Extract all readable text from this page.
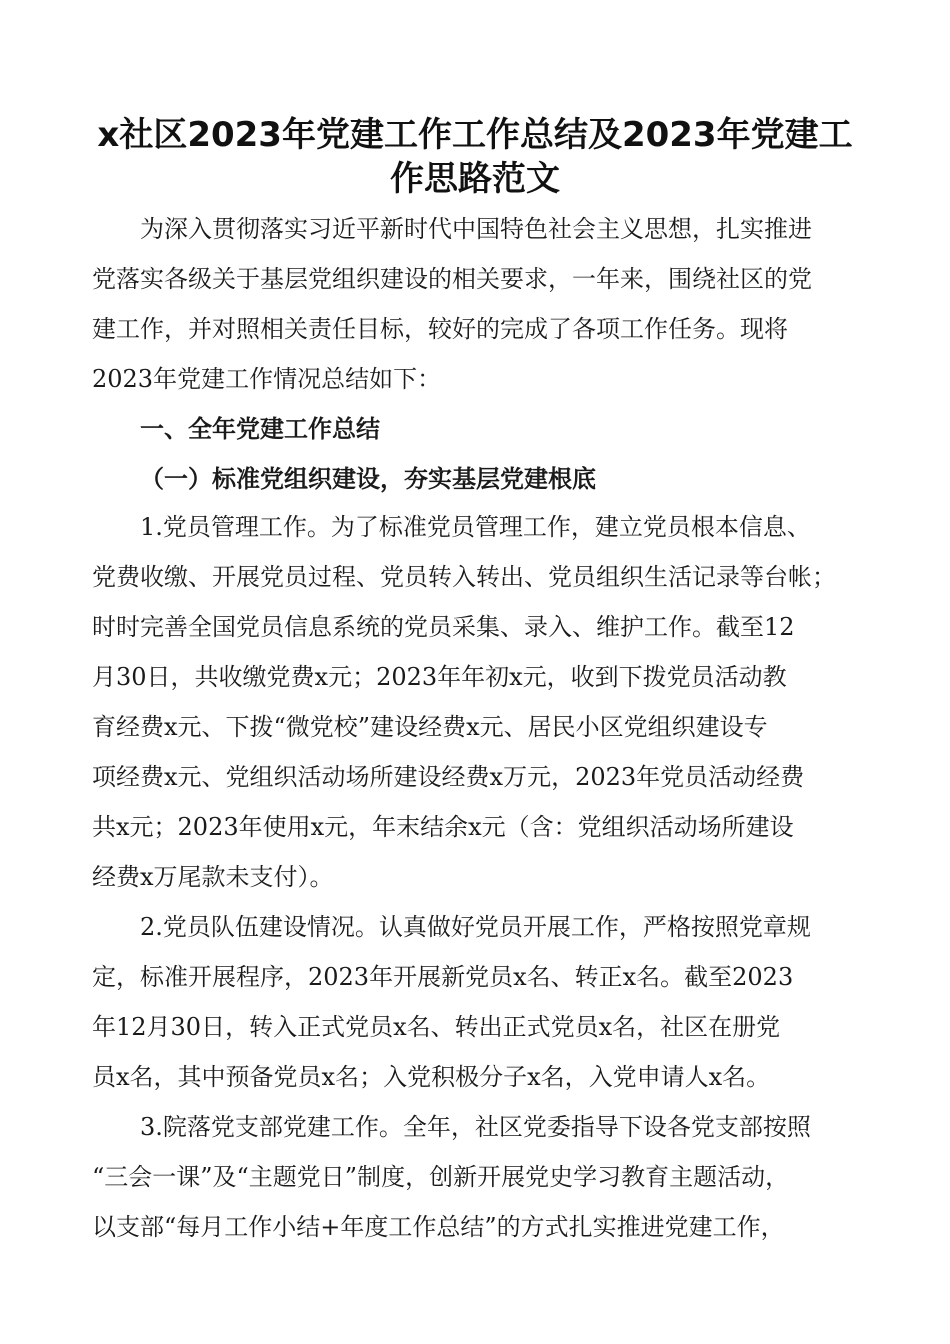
x社区2023年党建工作工作总结及2023年党建工
作思路范文
为深入贯彻落实习近平新时代中国特色社会主义思想，扎实推进
党落实各级关于基层党组织建设的相关要求，一年来，围绕社区的党
建工作，并对照相关责任目标，较好的完成了各项工作任务。现将
2023年党建工作情况总结如下：
一、全年党建工作总结
（一）标准党组织建设，夯实基层党建根底
1.党员管理工作。为了标准党员管理工作，建立党员根本信息、
党费收缴、开展党员过程、党员转入转出、党员组织生活记录等台帐；
时时完善全国党员信息系统的党员采集、录入、维护工作。截至12
月30日，共收缴党费x元；2023年年初x元，收到下拨党员活动教
育经费x元、下拨“微党校”建设经费x元、居民小区党组织建设专
项经费x元、党组织活动场所建设经费x万元，2023年党员活动经费
共x元；2023年使用x元，年末结余x元（含：党组织活动场所建设
经费x万尾款未支付）。
2.党员队伍建设情况。认真做好党员开展工作，严格按照党章规
定，标准开展程序，2023年开展新党员x名、转正x名。截至2023
年12月30日，转入正式党员x名、转出正式党员x名，社区在册党
员x名，其中预备党员x名；入党积极分子x名，入党申请人x名。
3.院落党支部党建工作。全年，社区党委指导下设各党支部按照
“三会一课”及“主题党日”制度，创新开展党史学习教育主题活动，
以支部“每月工作小结+年度工作总结”的方式扎实推进党建工作，
